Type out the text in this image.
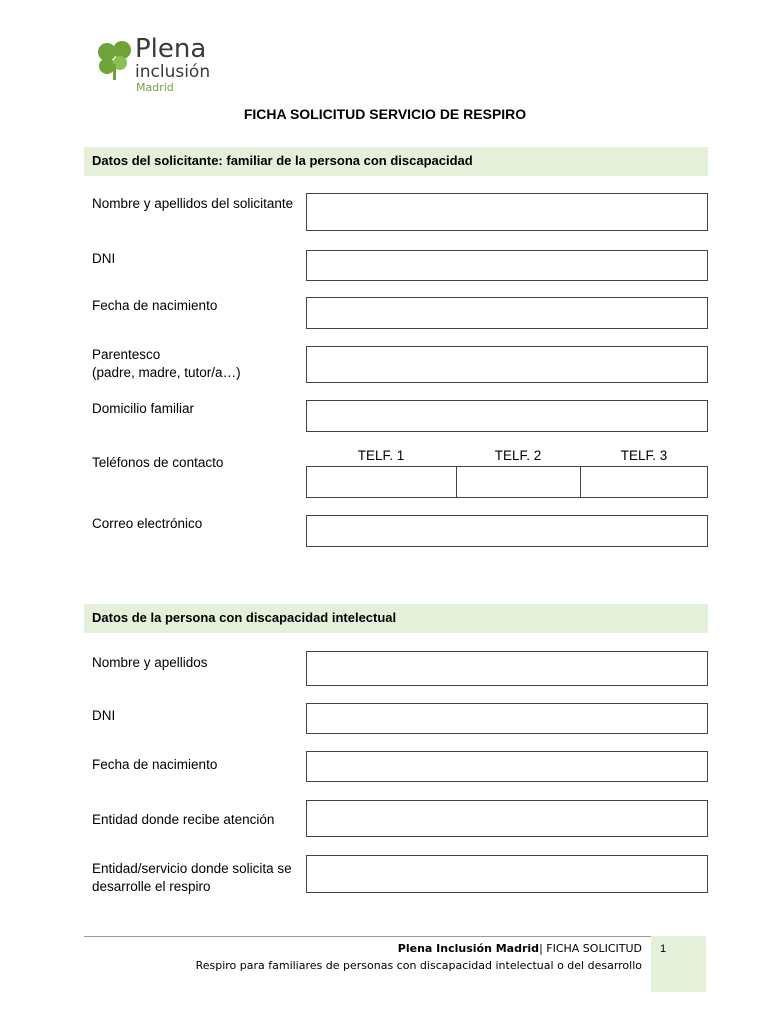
Plena
inclusión
Madrid
FICHA SOLICITUD SERVICIO DE RESPIRO
Datos del solicitante: familiar de la persona con discapacidad
Nombre y apellidos del solicitante
DNI
Fecha de nacimiento
Parentesco
(padre, madre, tutor/a…)
Domicilio familiar
Teléfonos de contacto	TELF. 1	TELF. 2	TELF. 3
Correo electrónico
Datos de la persona con discapacidad intelectual
Nombre y apellidos
DNI
Fecha de nacimiento
Entidad donde recibe atención
Entidad/servicio donde solicita se desarrolle el respiro
1
Plena Inclusión Madrid| FICHA SOLICITUD
Respiro para familiares de personas con discapacidad intelectual o del desarrollo
